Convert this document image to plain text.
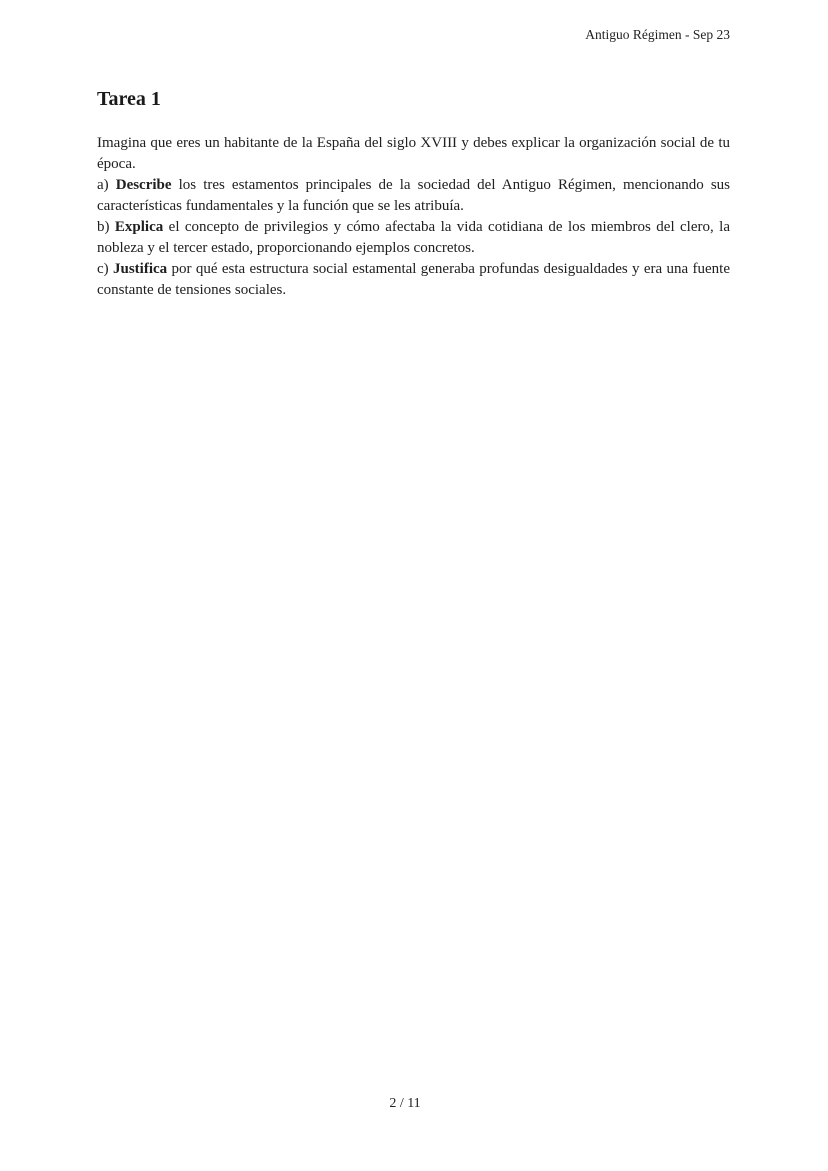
Antiguo Régimen - Sep 23
Tarea 1

Imagina que eres un habitante de la España del siglo XVIII y debes explicar la organización social de tu época.

a) Describe los tres estamentos principales de la sociedad del Antiguo Régimen, mencionando sus características fundamentales y la función que se les atribuía.

b) Explica el concepto de privilegios y cómo afectaba la vida cotidiana de los miembros del clero, la nobleza y el tercer estado, proporcionando ejemplos concretos.

c) Justifica por qué esta estructura social estamental generaba profundas desigualdades y era una fuente constante de tensiones sociales.

2 / 11
